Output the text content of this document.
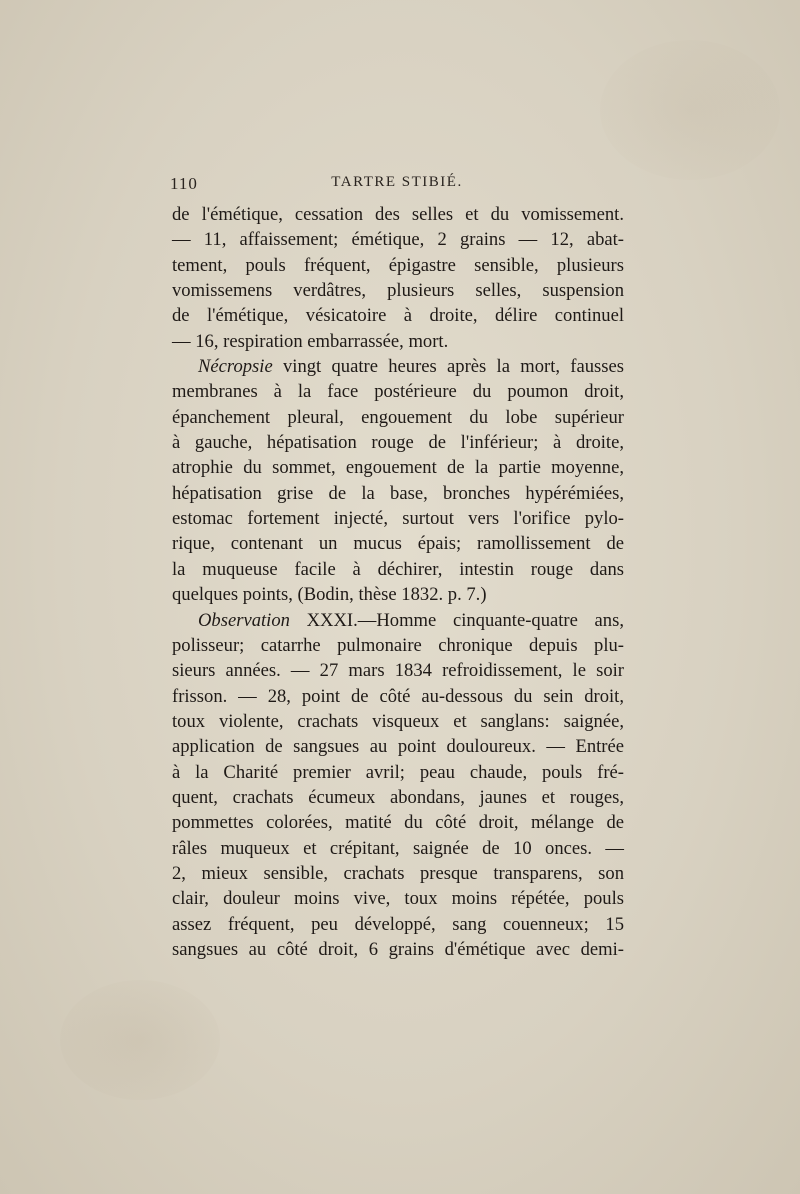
110	TARTRE STIBIÉ.
de l'émétique, cessation des selles et du vomissement.
— 11, affaissement; émétique, 2 grains — 12, abat-
tement, pouls fréquent, épigastre sensible, plusieurs
vomissemens verdâtres, plusieurs selles, suspension
de l'émétique, vésicatoire à droite, délire continuel
— 16, respiration embarrassée, mort.
Nécropsie vingt quatre heures après la mort, fausses
membranes à la face postérieure du poumon droit,
épanchement pleural, engouement du lobe supérieur
à gauche, hépatisation rouge de l'inférieur; à droite,
atrophie du sommet, engouement de la partie moyenne,
hépatisation grise de la base, bronches hypérémiées,
estomac fortement injecté, surtout vers l'orifice pylo-
rique, contenant un mucus épais; ramollissement de
la muqueuse facile à déchirer, intestin rouge dans
quelques points, (Bodin, thèse 1832. p. 7.)
Observation XXXI.—Homme cinquante-quatre ans,
polisseur; catarrhe pulmonaire chronique depuis plu-
sieurs années. — 27 mars 1834 refroidissement, le soir
frisson. — 28, point de côté au-dessous du sein droit,
toux violente, crachats visqueux et sanglans: saignée,
application de sangsues au point douloureux. — Entrée
à la Charité premier avril; peau chaude, pouls fré-
quent, crachats écumeux abondans, jaunes et rouges,
pommettes colorées, matité du côté droit, mélange de
râles muqueux et crépitant, saignée de 10 onces. —
2, mieux sensible, crachats presque transparens, son
clair, douleur moins vive, toux moins répétée, pouls
assez fréquent, peu développé, sang couenneux; 15
sangsues au côté droit, 6 grains d'émétique avec demi-
